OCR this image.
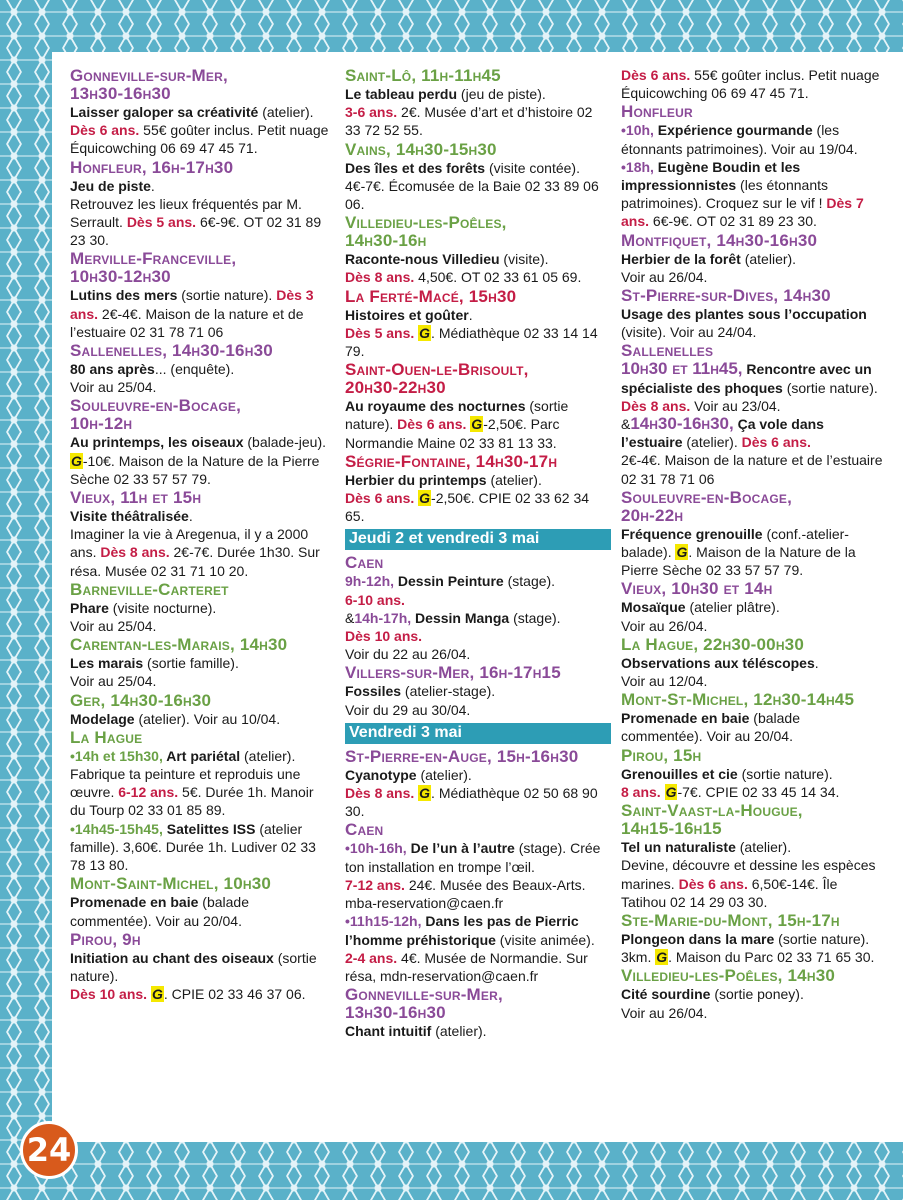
Gonneville-sur-Mer,
13h30-16h30

Laisser galoper sa créativité (atelier). Dès 6 ans. 55€ goûter inclus. Petit nuage Équicowching 06 69 47 45 71.

Honfleur, 16h-17h30

Jeu de piste.
Retrouvez les lieux fréquentés par M. Serrault. Dès 5 ans. 6€-9€. OT 02 31 89 23 30.

Merville-Franceville,
10h30-12h30

Lutins des mers (sortie nature). Dès 3 ans. 2€-4€. Maison de la nature et de l’estuaire 02 31 78 71 06

Sallenelles, 14h30-16h30

80 ans après... (enquête).
Voir au 25/04.

Souleuvre-en-Bocage,
10h-12h

Au printemps, les oiseaux (balade-jeu). G-10€. Maison de la Nature de la Pierre Sèche 02 33 57 57 79.

Vieux, 11h et 15h

Visite théâtralisée.
Imaginer la vie à Aregenua, il y a 2000 ans. Dès 8 ans. 2€-7€. Durée 1h30. Sur résa. Musée 02 31 71 10 20.

Barneville-Carteret

Phare (visite nocturne).
Voir au 25/04.

Carentan-les-Marais, 14h30

Les marais (sortie famille).
Voir au 25/04.

Ger, 14h30-16h30

Modelage (atelier). Voir au 10/04.

La Hague

•14h et 15h30, Art pariétal (atelier). Fabrique ta peinture et reproduis une œuvre. 6-12 ans. 5€. Durée 1h. Manoir du Tourp 02 33 01 85 89.

•14h45-15h45, Satelittes ISS (atelier famille). 3,60€. Durée 1h. Ludiver 02 33 78 13 80.

Mont-Saint-Michel, 10h30

Promenade en baie (balade commentée). Voir au 20/04.

Pirou, 9h

Initiation au chant des oiseaux (sortie nature).
Dès 10 ans. G. CPIE 02 33 46 37 06.

Saint-Lô, 11h-11h45

Le tableau perdu (jeu de piste).
3-6 ans. 2€. Musée d’art et d’histoire 02 33 72 52 55.

Vains, 14h30-15h30

Des îles et des forêts (visite contée). 4€-7€. Écomusée de la Baie 02 33 89 06 06.

Villedieu-les-Poêles,
14h30-16h

Raconte-nous Villedieu (visite).
Dès 8 ans. 4,50€. OT 02 33 61 05 69.

La Ferté-Macé, 15h30

Histoires et goûter.
Dès 5 ans. G. Médiathèque 02 33 14 14 79.

Saint-Ouen-le-Brisoult,
20h30-22h30

Au royaume des nocturnes (sortie nature). Dès 6 ans. G-2,50€. Parc Normandie Maine 02 33 81 13 33.

Ségrie-Fontaine, 14h30-17h

Herbier du printemps (atelier).
Dès 6 ans. G-2,50€. CPIE 02 33 62 34 65.

Jeudi 2 et vendredi 3 mai

Caen

9h-12h, Dessin Peinture (stage).
6-10 ans.

&14h-17h, Dessin Manga (stage).
Dès 10 ans.
Voir du 22 au 26/04.

Villers-sur-Mer, 16h-17h15

Fossiles (atelier-stage).
Voir du 29 au 30/04.

Vendredi 3 mai

St-Pierre-en-Auge, 15h-16h30

Cyanotype (atelier).
Dès 8 ans. G. Médiathèque 02 50 68 90 30.

Caen

•10h-16h, De l’un à l’autre (stage). Crée ton installation en trompe l’œil.
7-12 ans. 24€. Musée des Beaux-Arts. mba-reservation@caen.fr

•11h15-12h, Dans les pas de Pierric l’homme préhistorique (visite animée). 2-4 ans. 4€. Musée de Normandie. Sur résa, mdn-reservation@caen.fr

Gonneville-sur-Mer,
13h30-16h30

Chant intuitif (atelier).

Dès 6 ans. 55€ goûter inclus. Petit nuage Équicowching 06 69 47 45 71.

Honfleur

•10h, Expérience gourmande (les étonnants patrimoines). Voir au 19/04.

•18h, Eugène Boudin et les impressionnistes (les étonnants patrimoines). Croquez sur le vif ! Dès 7 ans. 6€-9€. OT 02 31 89 23 30.

Montfiquet, 14h30-16h30

Herbier de la forêt (atelier).
Voir au 26/04.

St-Pierre-sur-Dives, 14h30

Usage des plantes sous l’occupation (visite). Voir au 24/04.

Sallenelles

10h30 et 11h45, Rencontre avec un spécialiste des phoques (sortie nature). Dès 8 ans. Voir au 23/04.

&14h30-16h30, Ça vole dans l’estuaire (atelier). Dès 6 ans.
2€-4€. Maison de la nature et de l’estuaire 02 31 78 71 06

Souleuvre-en-Bocage,
20h-22h

Fréquence grenouille (conf.-atelier-balade). G. Maison de la Nature de la Pierre Sèche 02 33 57 57 79.

Vieux, 10h30 et 14h

Mosaïque (atelier plâtre).
Voir au 26/04.

La Hague, 22h30-00h30

Observations aux téléscopes.
Voir au 12/04.

Mont-St-Michel, 12h30-14h45

Promenade en baie (balade commentée). Voir au 20/04.

Pirou, 15h

Grenouilles et cie (sortie nature).
8 ans. G-7€. CPIE 02 33 45 14 34.

Saint-Vaast-la-Hougue,
14h15-16h15

Tel un naturaliste (atelier).
Devine, découvre et dessine les espèces marines. Dès 6 ans. 6,50€-14€. Île Tatihou 02 14 29 03 30.

Ste-Marie-du-Mont, 15h-17h

Plongeon dans la mare (sortie nature).
3km. G. Maison du Parc 02 33 71 65 30.

Villedieu-les-Poêles, 14h30

Cité sourdine (sortie poney).
Voir au 26/04.

24
